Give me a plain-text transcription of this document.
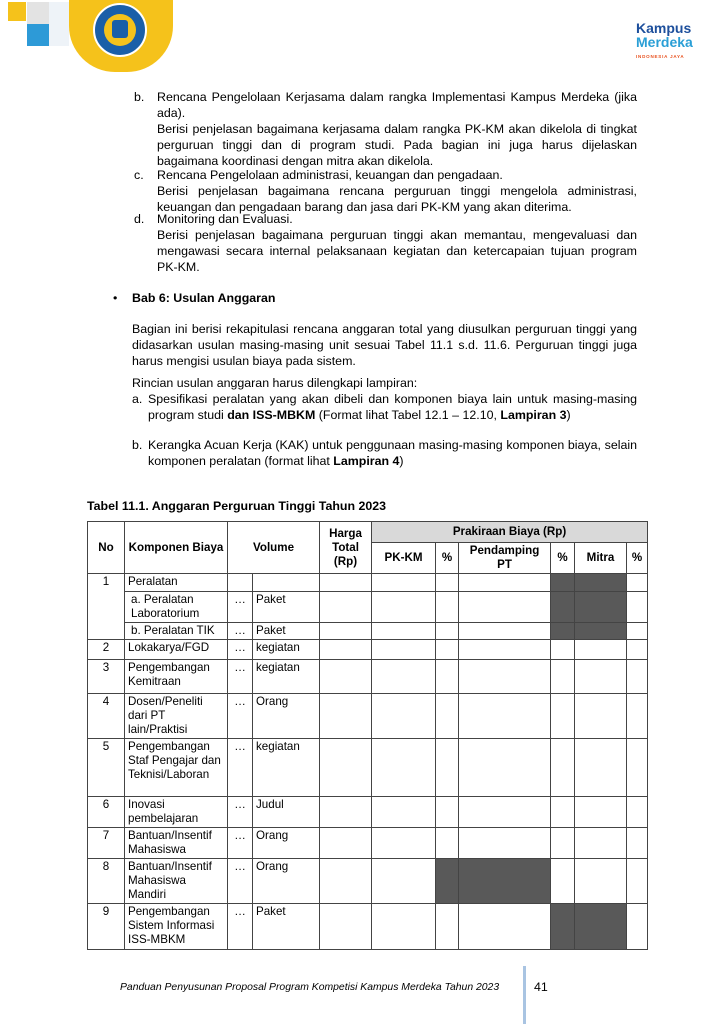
Kampus
Merdeka
INDONESIA JAYA
b. Rencana Pengelolaan Kerjasama dalam rangka Implementasi Kampus Merdeka (jika ada).
Berisi penjelasan bagaimana kerjasama dalam rangka PK-KM akan dikelola di tingkat perguruan tinggi dan di program studi. Pada bagian ini juga harus dijelaskan bagaimana koordinasi dengan mitra akan dikelola.
c. Rencana Pengelolaan administrasi, keuangan dan pengadaan.
Berisi penjelasan bagaimana rencana perguruan tinggi mengelola administrasi, keuangan dan pengadaan barang dan jasa dari PK-KM yang akan diterima.
d. Monitoring dan Evaluasi.
Berisi penjelasan bagaimana perguruan tinggi akan memantau, mengevaluasi dan mengawasi secara internal pelaksanaan kegiatan dan ketercapaian tujuan program PK-KM.
• Bab 6: Usulan Anggaran
Bagian ini berisi rekapitulasi rencana anggaran total yang diusulkan perguruan tinggi yang didasarkan usulan masing-masing unit sesuai Tabel 11.1 s.d. 11.6. Perguruan tinggi juga harus mengisi usulan biaya pada sistem.
Rincian usulan anggaran harus dilengkapi lampiran:
a. Spesifikasi peralatan yang akan dibeli dan komponen biaya lain untuk masing-masing program studi dan ISS-MBKM (Format lihat Tabel 12.1 – 12.10, Lampiran 3)
b. Kerangka Acuan Kerja (KAK) untuk penggunaan masing-masing komponen biaya, selain komponen peralatan (format lihat Lampiran 4)
Tabel 11.1. Anggaran Perguruan Tinggi Tahun 2023
No	Komponen Biaya	Volume		Harga Total (Rp)	Prakiraan Biaya (Rp)					
					PK-KM	%	Pendamping PT	%	Mitra	%
1	Peralatan									
	a. Peralatan Laboratorium	…	Paket							
	b. Peralatan TIK	…	Paket							
2	Lokakarya/FGD	…	kegiatan							
3	Pengembangan Kemitraan	…	kegiatan							
4	Dosen/Peneliti dari PT lain/Praktisi	…	Orang							
5	Pengembangan Staf Pengajar dan Teknisi/Laboran	…	kegiatan							
6	Inovasi pembelajaran	…	Judul							
7	Bantuan/Insentif Mahasiswa	…	Orang							
8	Bantuan/Insentif Mahasiswa Mandiri	…	Orang							
9	Pengembangan Sistem Informasi ISS-MBKM	…	Paket							
Panduan Penyusunan Proposal Program Kompetisi Kampus Merdeka Tahun 2023	41
